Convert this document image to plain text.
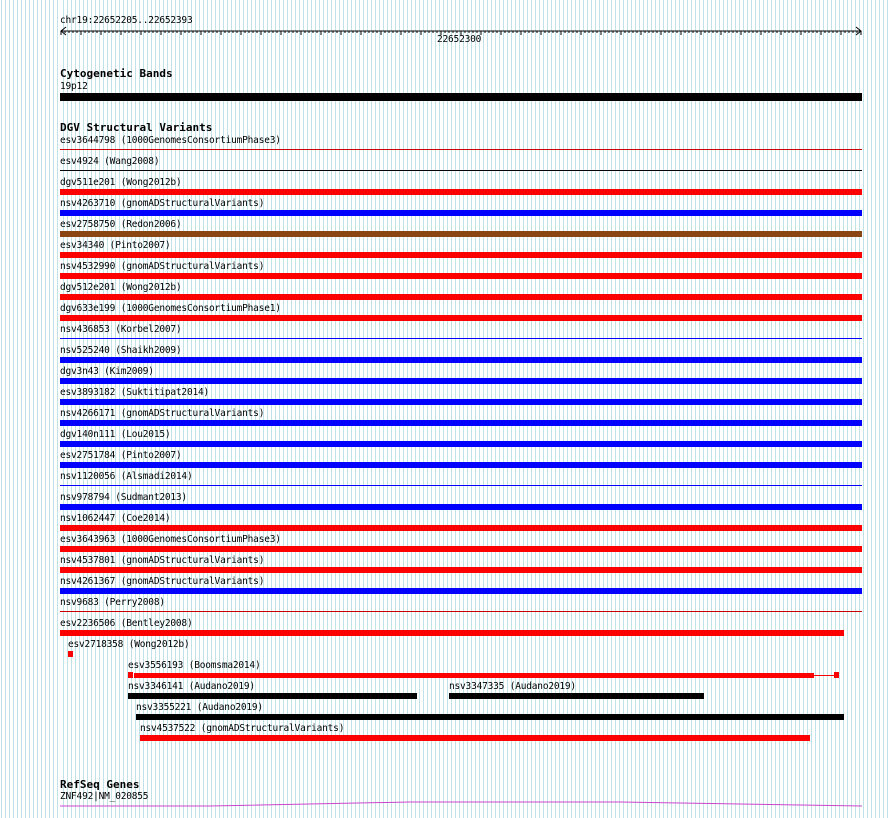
chr19:22652205..22652393
22652300
Cytogenetic Bands
19p12
DGV Structural Variants
esv3644798 (1000GenomesConsortiumPhase3)
esv4924 (Wang2008)
dgv511e201 (Wong2012b)
nsv4263710 (gnomADStructuralVariants)
esv2758750 (Redon2006)
esv34340 (Pinto2007)
nsv4532990 (gnomADStructuralVariants)
dgv512e201 (Wong2012b)
dgv633e199 (1000GenomesConsortiumPhase1)
nsv436853 (Korbel2007)
nsv525240 (Shaikh2009)
dgv3n43 (Kim2009)
esv3893182 (Suktitipat2014)
nsv4266171 (gnomADStructuralVariants)
dgv140n111 (Lou2015)
esv2751784 (Pinto2007)
nsv1120056 (Alsmadi2014)
nsv978794 (Sudmant2013)
nsv1062447 (Coe2014)
esv3643963 (1000GenomesConsortiumPhase3)
nsv4537801 (gnomADStructuralVariants)
nsv4261367 (gnomADStructuralVariants)
nsv9683 (Perry2008)
esv2236506 (Bentley2008)
esv2718358 (Wong2012b)
esv3556193 (Boomsma2014)
nsv3346141 (Audano2019)	nsv3347335 (Audano2019)
nsv3355221 (Audano2019)
nsv4537522 (gnomADStructuralVariants)
RefSeq Genes
ZNF492|NM_020855
